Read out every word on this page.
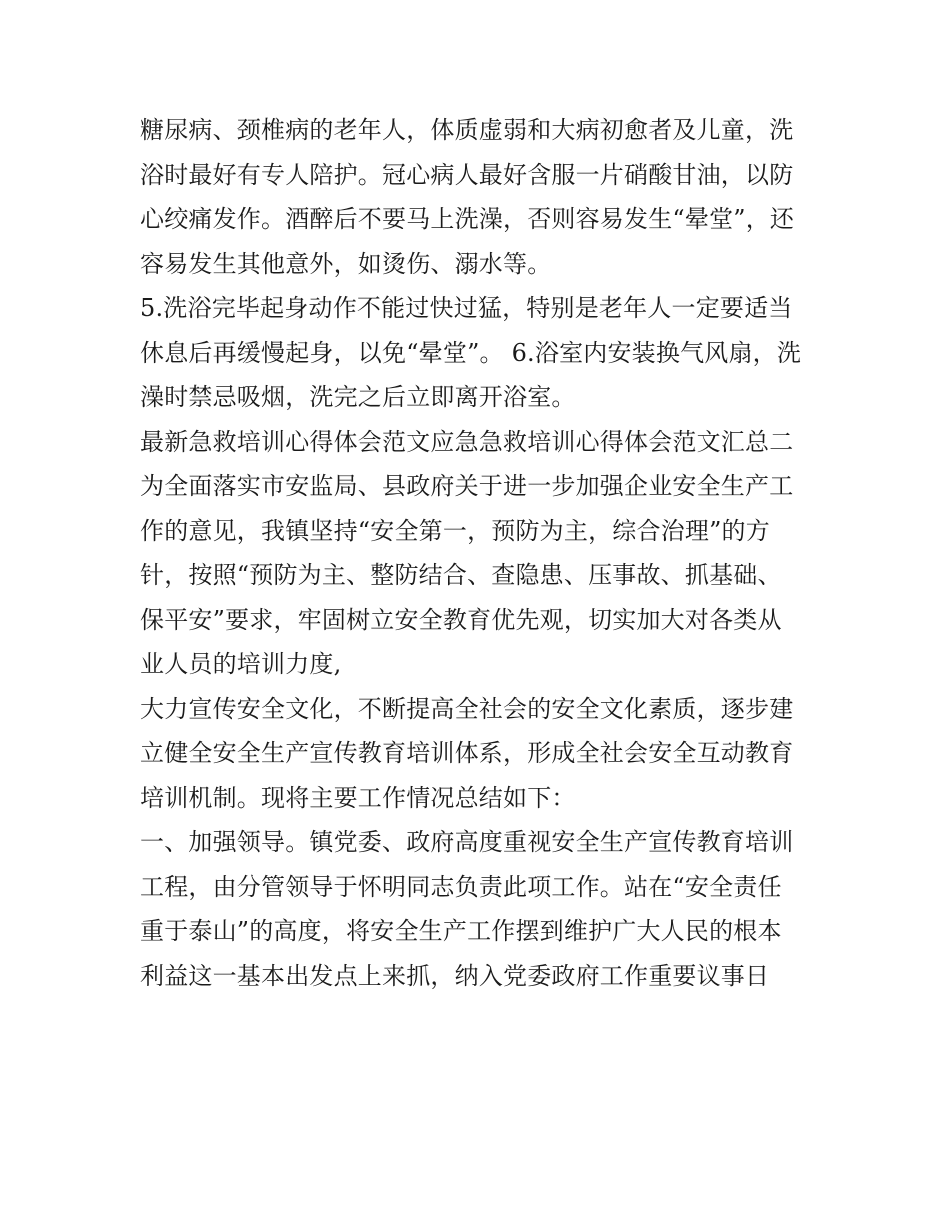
糖尿病、颈椎病的老年人，体质虚弱和大病初愈者及儿童，洗
浴时最好有专人陪护。冠心病人最好含服一片硝酸甘油，以防
心绞痛发作。酒醉后不要马上洗澡，否则容易发生“晕堂”，还
容易发生其他意外，如烫伤、溺水等。
5.洗浴完毕起身动作不能过快过猛，特别是老年人一定要适当
休息后再缓慢起身，以免“晕堂”。 6.浴室内安装换气风扇，洗
澡时禁忌吸烟，洗完之后立即离开浴室。
最新急救培训心得体会范文应急急救培训心得体会范文汇总二
为全面落实市安监局、县政府关于进一步加强企业安全生产工
作的意见，我镇坚持“安全第一，预防为主，综合治理”的方
针，按照“预防为主、整防结合、查隐患、压事故、抓基础、
保平安”要求，牢固树立安全教育优先观，切实加大对各类从
业人员的培训力度,
大力宣传安全文化，不断提高全社会的安全文化素质，逐步建
立健全安全生产宣传教育培训体系，形成全社会安全互动教育
培训机制。现将主要工作情况总结如下：
一、加强领导。镇党委、政府高度重视安全生产宣传教育培训
工程，由分管领导于怀明同志负责此项工作。站在“安全责任
重于泰山”的高度，将安全生产工作摆到维护广大人民的根本
利益这一基本出发点上来抓，纳入党委政府工作重要议事日
